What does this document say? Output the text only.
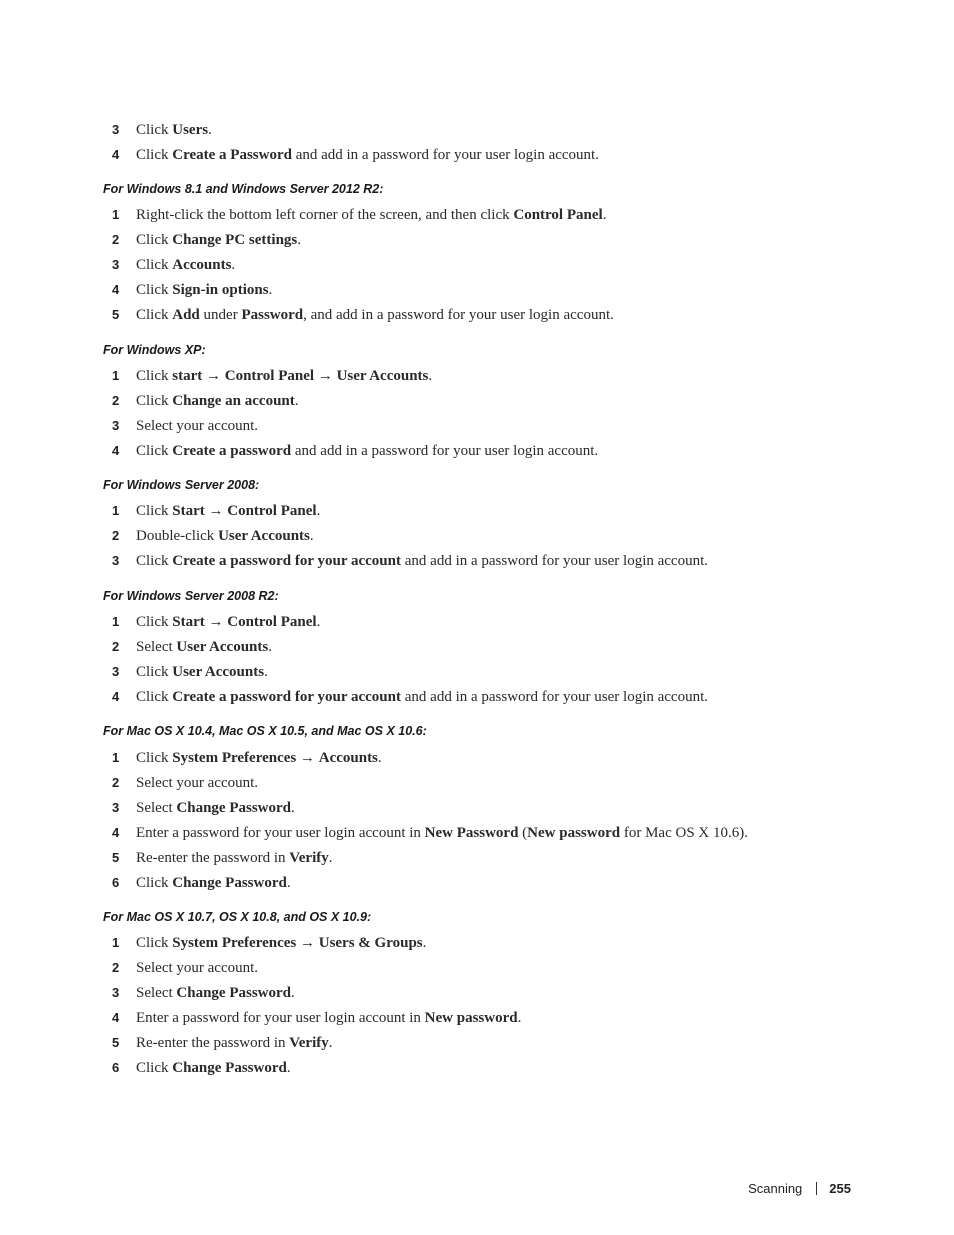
3	Click Users.
4	Click Create a Password and add in a password for your user login account.
For Windows 8.1 and Windows Server 2012 R2:
1	Right-click the bottom left corner of the screen, and then click Control Panel.
2	Click Change PC settings.
3	Click Accounts.
4	Click Sign-in options.
5	Click Add under Password, and add in a password for your user login account.
For Windows XP:
1	Click start → Control Panel → User Accounts.
2	Click Change an account.
3	Select your account.
4	Click Create a password and add in a password for your user login account.
For Windows Server 2008:
1	Click Start → Control Panel.
2	Double-click User Accounts.
3	Click Create a password for your account and add in a password for your user login account.
For Windows Server 2008 R2:
1	Click Start → Control Panel.
2	Select User Accounts.
3	Click User Accounts.
4	Click Create a password for your account and add in a password for your user login account.
For Mac OS X 10.4, Mac OS X 10.5, and Mac OS X 10.6:
1	Click System Preferences → Accounts.
2	Select your account.
3	Select Change Password.
4	Enter a password for your user login account in New Password (New password for Mac OS X 10.6).
5	Re-enter the password in Verify.
6	Click Change Password.
For Mac OS X 10.7, OS X 10.8, and OS X 10.9:
1	Click System Preferences → Users & Groups.
2	Select your account.
3	Select Change Password.
4	Enter a password for your user login account in New password.
5	Re-enter the password in Verify.
6	Click Change Password.
Scanning 255
